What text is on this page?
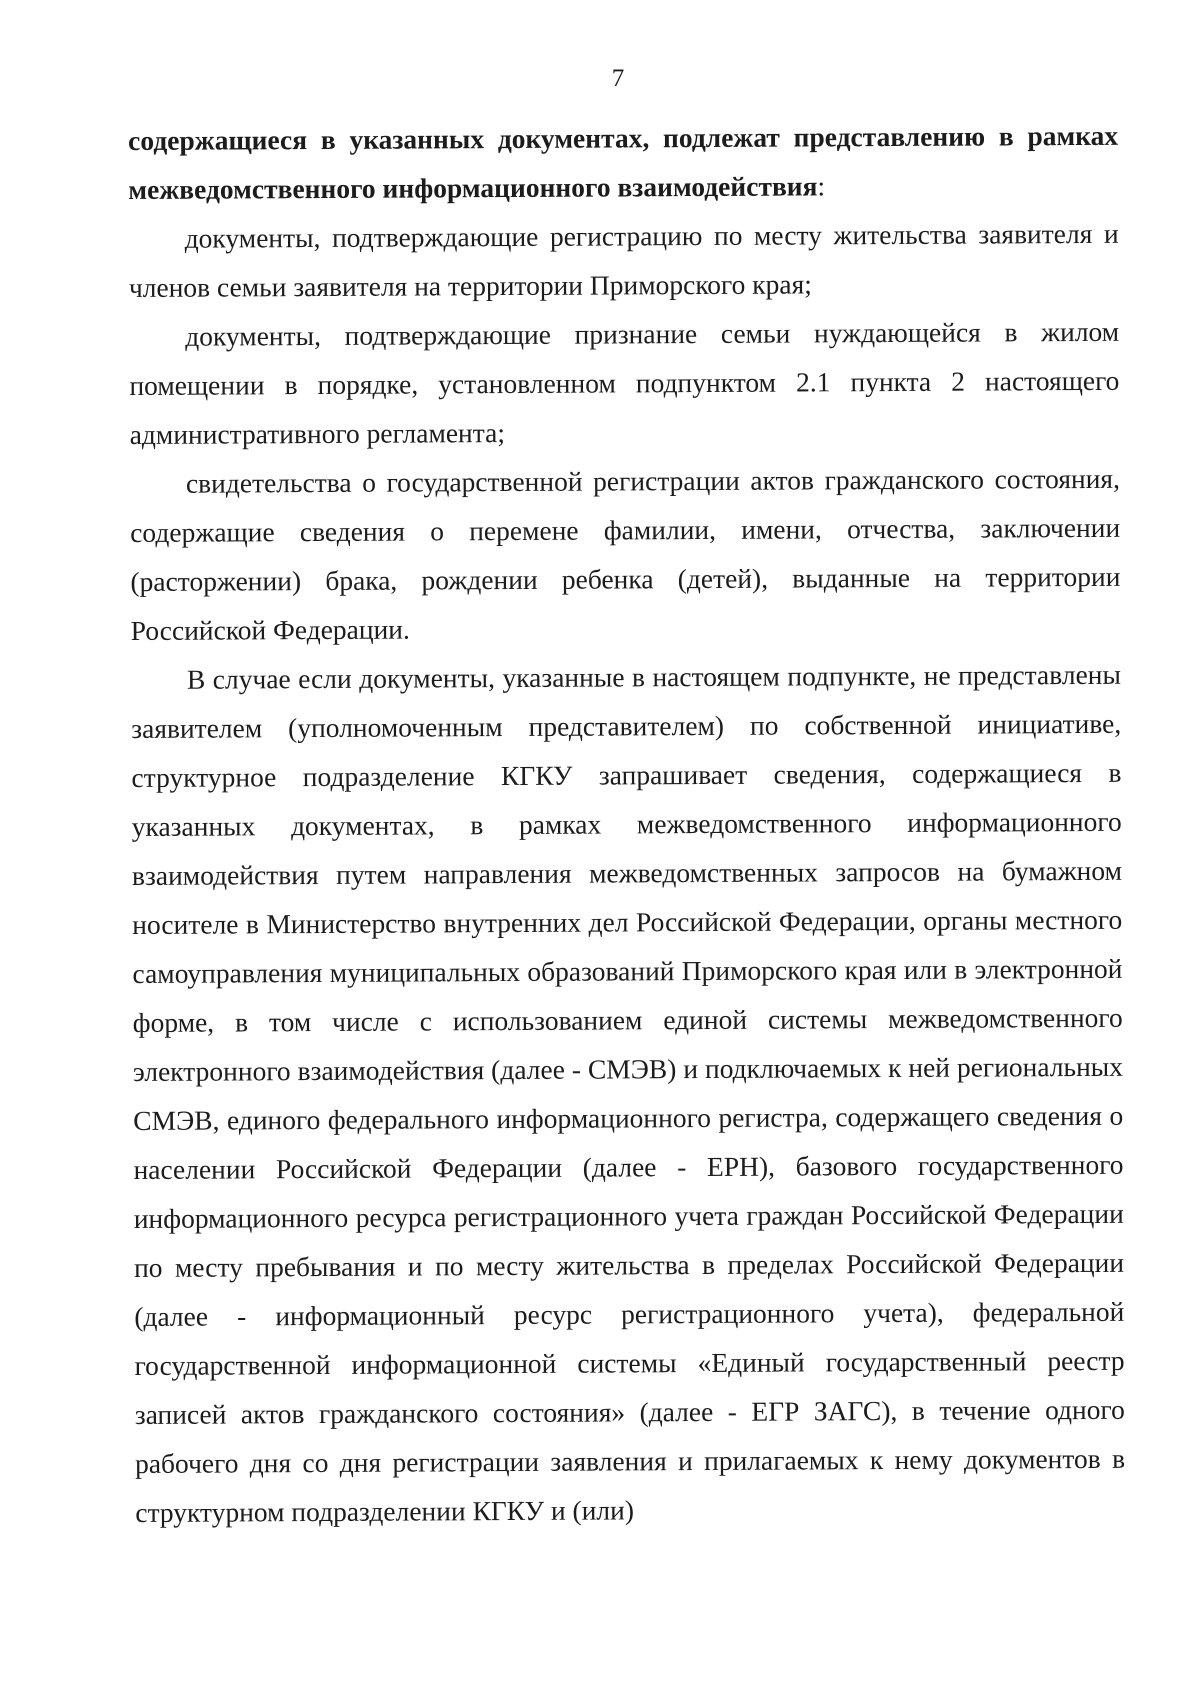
7

содержащиеся в указанных документах, подлежат представлению в рамках межведомственного информационного взаимодействия:

документы, подтверждающие регистрацию по месту жительства заявителя и членов семьи заявителя на территории Приморского края;

документы, подтверждающие признание семьи нуждающейся в жилом помещении в порядке, установленном подпунктом 2.1 пункта 2 настоящего административного регламента;

свидетельства о государственной регистрации актов гражданского состояния, содержащие сведения о перемене фамилии, имени, отчества, заключении (расторжении) брака, рождении ребенка (детей), выданные на территории Российской Федерации.

В случае если документы, указанные в настоящем подпункте, не представлены заявителем (уполномоченным представителем) по собственной инициативе, структурное подразделение КГКУ запрашивает сведения, содержащиеся в указанных документах, в рамках межведомственного информационного взаимодействия путем направления межведомственных запросов на бумажном носителе в Министерство внутренних дел Российской Федерации, органы местного самоуправления муниципальных образований Приморского края или в электронной форме, в том числе с использованием единой системы межведомственного электронного взаимодействия (далее - СМЭВ) и подключаемых к ней региональных СМЭВ, единого федерального информационного регистра, содержащего сведения о населении Российской Федерации (далее - ЕРН), базового государственного информационного ресурса регистрационного учета граждан Российской Федерации по месту пребывания и по месту жительства в пределах Российской Федерации (далее - информационный ресурс регистрационного учета), федеральной государственной информационной системы «Единый государственный реестр записей актов гражданского состояния» (далее - ЕГР ЗАГС), в течение одного рабочего дня со дня регистрации заявления и прилагаемых к нему документов в структурном подразделении КГКУ и (или)
